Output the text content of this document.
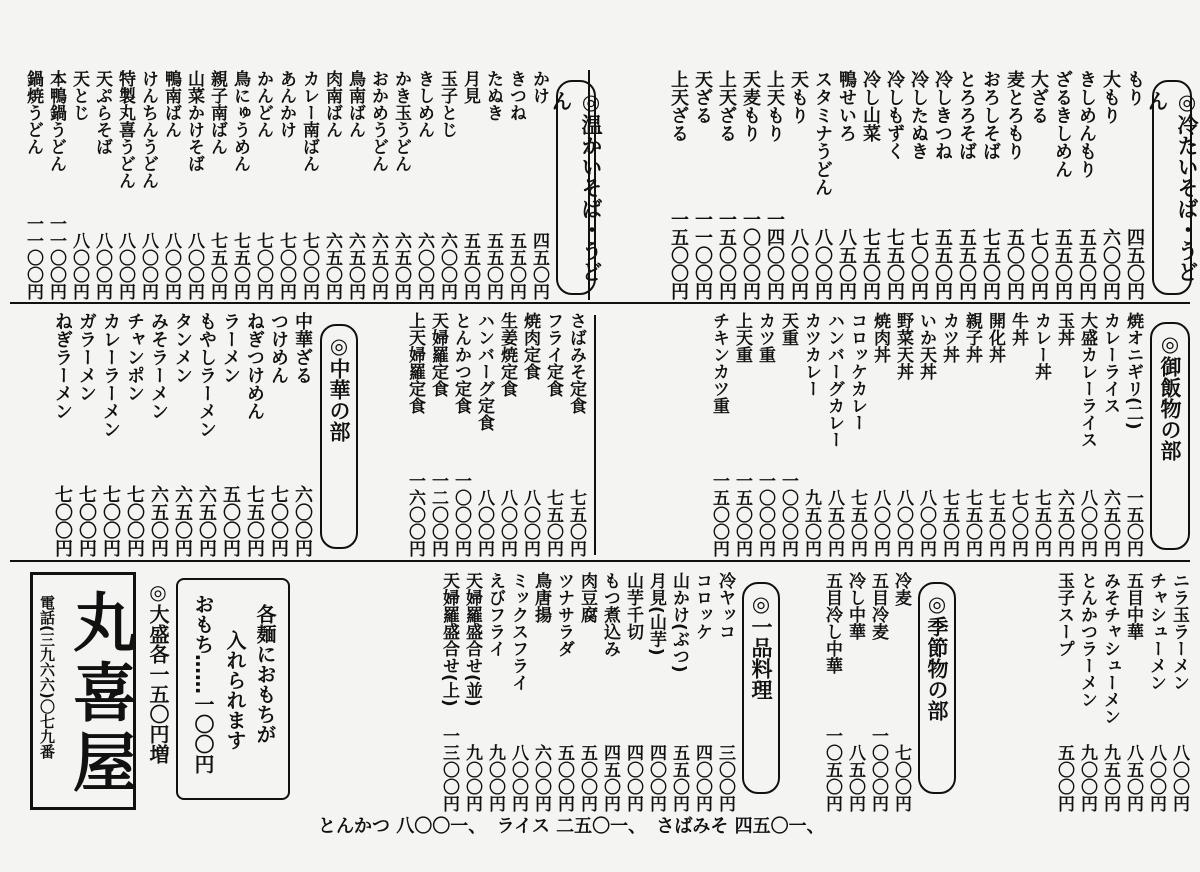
◎冷たいそば・うどん
もり
四五〇円
大もり
六〇〇円
きしめんもり
五五〇円
ざるきしめん
五五〇円
大ざる
七〇〇円
麦とろもり
五〇〇円
おろしそば
七五〇円
とろろそば
五五〇円
冷しきつね
五五〇円
冷したぬき
七〇〇円
冷しもずく
七五〇円
冷し山菜
七五〇円
鴨せいろ
八五〇円
スタミナうどん
八〇〇円
天もり
八〇〇円
上天もり
一四〇〇円
天麦もり
一〇〇〇円
上天ざる
一五〇〇円
天ざる
一一〇〇円
上天ざる
一五〇〇円
◎温かいそば・うどん
かけ
四五〇円
きつね
五五〇円
たぬき
五五〇円
月見
五五〇円
玉子とじ
六〇〇円
きしめん
六〇〇円
かき玉うどん
六五〇円
おかめうどん
六五〇円
鳥南ばん
六五〇円
肉南ばん
六五〇円
カレー南ばん
七〇〇円
あんかけ
七〇〇円
かんどん
七〇〇円
鳥にゅうめん
七五〇円
親子南ばん
七五〇円
山菜かけそば
八〇〇円
鴨南ばん
八〇〇円
けんちんうどん
八〇〇円
特製丸喜うどん
八〇〇円
天ぷらそば
八〇〇円
天とじ
八〇〇円
本鴨鍋うどん
一一〇〇円
鍋焼うどん
一一〇〇円
◎御飯物の部
焼オニギリ(二)
一五〇円
カレーライス
六五〇円
大盛カレーライス
八〇〇円
玉丼
六五〇円
カレー丼
七五〇円
牛丼
七〇〇円
開化丼
七五〇円
親子丼
七五〇円
カツ丼
七五〇円
いか天丼
八〇〇円
野菜天丼
八〇〇円
焼肉丼
八〇〇円
コロッケカレー
七五〇円
ハンバーグカレー
八五〇円
カツカレー
九五〇円
天重
一〇〇〇円
カツ重
一〇〇〇円
上天重
一五〇〇円
チキンカツ重
一五〇〇円
さばみそ定食
七五〇円
フライ定食
七五〇円
焼肉定食
八〇〇円
生姜焼定食
八〇〇円
ハンバーグ定食
八〇〇円
とんかつ定食
一〇〇〇円
天婦羅定食
一二〇〇円
上天婦羅定食
一六〇〇円
◎中華の部
中華ざる
六〇〇円
つけめん
七〇〇円
ねぎつけめん
七五〇円
ラーメン
五〇〇円
もやしラーメン
六五〇円
タンメン
六五〇円
みそラーメン
六五〇円
チャンポン
七〇〇円
カレーラーメン
七〇〇円
ガラーメン
七〇〇円
ねぎラーメン
七〇〇円
ニラ玉ラーメン
八〇〇円
チャシューメン
八〇〇円
五目中華
八五〇円
みそチャシューメン
九五〇円
とんかつラーメン
九〇〇円
玉子スープ
五〇〇円
◎季節物の部
冷麦
七〇〇円
五目冷麦
一〇〇〇円
冷し中華
八五〇円
五目冷し中華
一〇五〇円
◎一品料理
冷ヤッコ
三〇〇円
コロッケ
四〇〇円
山かけ(ぶつ)
五五〇円
月見(山芋)
四〇〇円
山芋千切
四〇〇円
もつ煮込み
四五〇円
肉豆腐
五〇〇円
ツナサラダ
五〇〇円
鳥唐揚
六〇〇円
ミックスフライ
八〇〇円
えびフライ
九〇〇円
天婦羅盛合せ(並)
九〇〇円
天婦羅盛合せ(上)
一三〇〇円
各麺におもちが
入れられます
おもち……一〇〇円
◎大盛各一五〇円増
丸喜屋
電話(三九六六)〇七九番
とんかつ 八〇〇一、 ライス 二五〇一、 さばみそ 四五〇一、
